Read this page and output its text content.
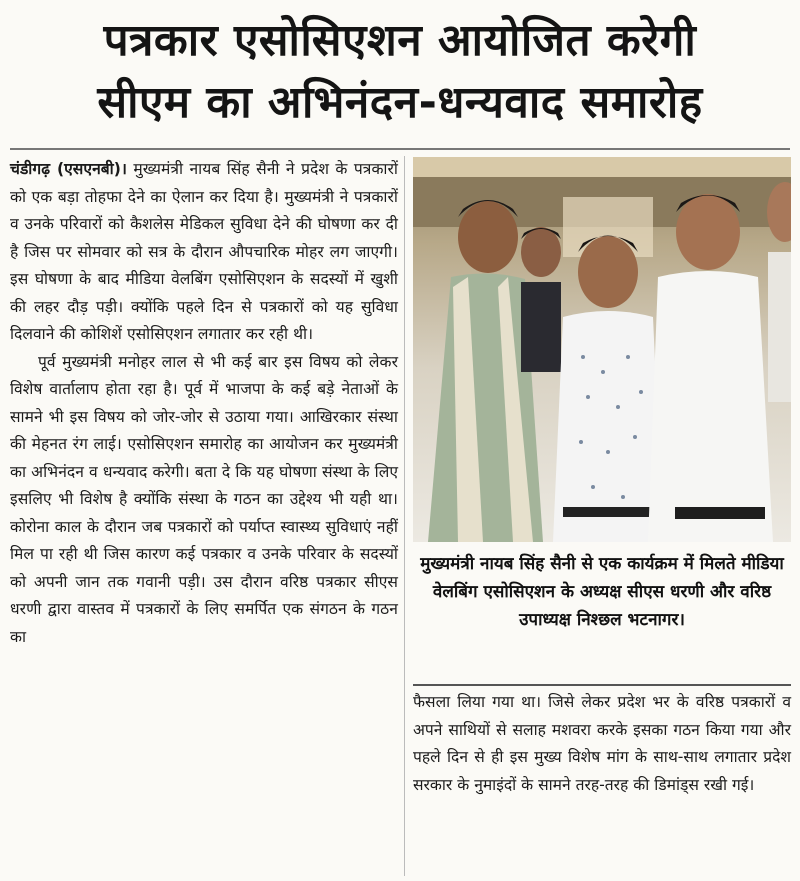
पत्रकार एसोसिएशन आयोजित करेगी
सीएम का अभिनंदन-धन्यवाद समारोह

चंडीगढ़ (एसएनबी)। मुख्यमंत्री नायब सिंह सैनी ने प्रदेश के पत्रकारों को एक बड़ा तोहफा देने का ऐलान कर दिया है। मुख्यमंत्री ने पत्रकारों व उनके परिवारों को कैशलेस मेडिकल सुविधा देने की घोषणा कर दी है जिस पर सोमवार को सत्र के दौरान औपचारिक मोहर लग जाएगी। इस घोषणा के बाद मीडिया वेलबिंग एसोसिएशन के सदस्यों में खुशी की लहर दौड़ पड़ी। क्योंकि पहले दिन से पत्रकारों को यह सुविधा दिलवाने की कोशिशें एसोसिएशन लगातार कर रही थी।

पूर्व मुख्यमंत्री मनोहर लाल से भी कई बार इस विषय को लेकर विशेष वार्तालाप होता रहा है। पूर्व में भाजपा के कई बड़े नेताओं के सामने भी इस विषय को जोर-जोर से उठाया गया। आखिरकार संस्था की मेहनत रंग लाई। एसोसिएशन समारोह का आयोजन कर मुख्यमंत्री का अभिनंदन व धन्यवाद करेगी। बता दे कि यह घोषणा संस्था के लिए इसलिए भी विशेष है क्योंकि संस्था के गठन का उद्देश्य भी यही था। कोरोना काल के दौरान जब पत्रकारों को पर्याप्त स्वास्थ्य सुविधाएं नहीं मिल पा रही थी जिस कारण कई पत्रकार व उनके परिवार के सदस्यों को अपनी जान तक गवानी पड़ी। उस दौरान वरिष्ठ पत्रकार सीएस धरणी द्वारा वास्तव में पत्रकारों के लिए समर्पित एक संगठन के गठन का

मुख्यमंत्री नायब सिंह सैनी से एक कार्यक्रम में मिलते मीडिया वेलबिंग एसोसिएशन के अध्यक्ष सीएस धरणी और वरिष्ठ उपाध्यक्ष निश्छल भटनागर।

फैसला लिया गया था। जिसे लेकर प्रदेश भर के वरिष्ठ पत्रकारों व अपने साथियों से सलाह मशवरा करके इसका गठन किया गया और पहले दिन से ही इस मुख्य विशेष मांग के साथ-साथ लगातार प्रदेश सरकार के नुमाइंदों के सामने तरह-तरह की डिमांड्स रखी गई।
